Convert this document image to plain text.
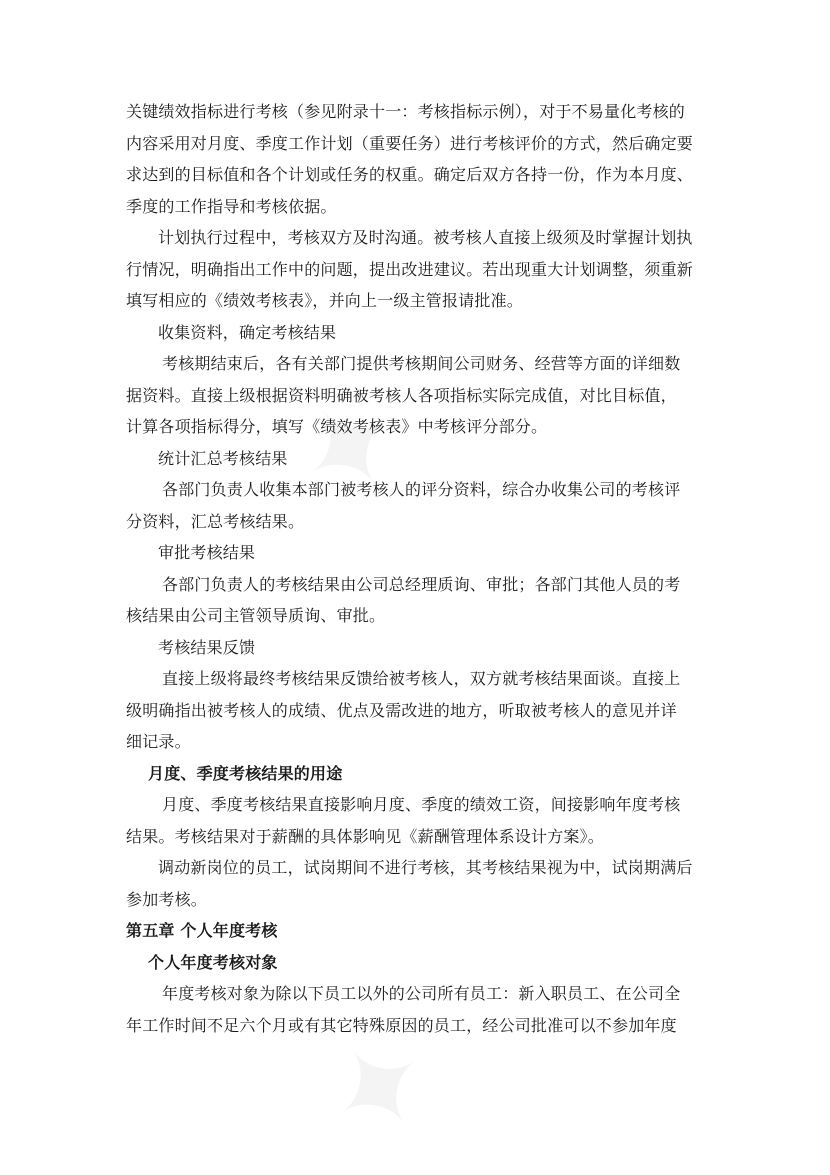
关键绩效指标进行考核（参见附录十一：考核指标示例），对于不易量化考核的
内容采用对月度、季度工作计划（重要任务）进行考核评价的方式，然后确定要
求达到的目标值和各个计划或任务的权重。确定后双方各持一份，作为本月度、
季度的工作指导和考核依据。
计划执行过程中，考核双方及时沟通。被考核人直接上级须及时掌握计划执
行情况，明确指出工作中的问题，提出改进建议。若出现重大计划调整，须重新
填写相应的《绩效考核表》，并向上一级主管报请批准。
收集资料，确定考核结果
考核期结束后，各有关部门提供考核期间公司财务、经营等方面的详细数
据资料。直接上级根据资料明确被考核人各项指标实际完成值，对比目标值，
计算各项指标得分，填写《绩效考核表》中考核评分部分。
统计汇总考核结果
各部门负责人收集本部门被考核人的评分资料，综合办收集公司的考核评
分资料，汇总考核结果。
审批考核结果
各部门负责人的考核结果由公司总经理质询、审批；各部门其他人员的考
核结果由公司主管领导质询、审批。
考核结果反馈
直接上级将最终考核结果反馈给被考核人，双方就考核结果面谈。直接上
级明确指出被考核人的成绩、优点及需改进的地方，听取被考核人的意见并详
细记录。
月度、季度考核结果的用途
月度、季度考核结果直接影响月度、季度的绩效工资，间接影响年度考核
结果。考核结果对于薪酬的具体影响见《薪酬管理体系设计方案》。
调动新岗位的员工，试岗期间不进行考核，其考核结果视为中，试岗期满后
参加考核。
第五章 个人年度考核
个人年度考核对象
年度考核对象为除以下员工以外的公司所有员工：新入职员工、在公司全
年工作时间不足六个月或有其它特殊原因的员工，经公司批准可以不参加年度
